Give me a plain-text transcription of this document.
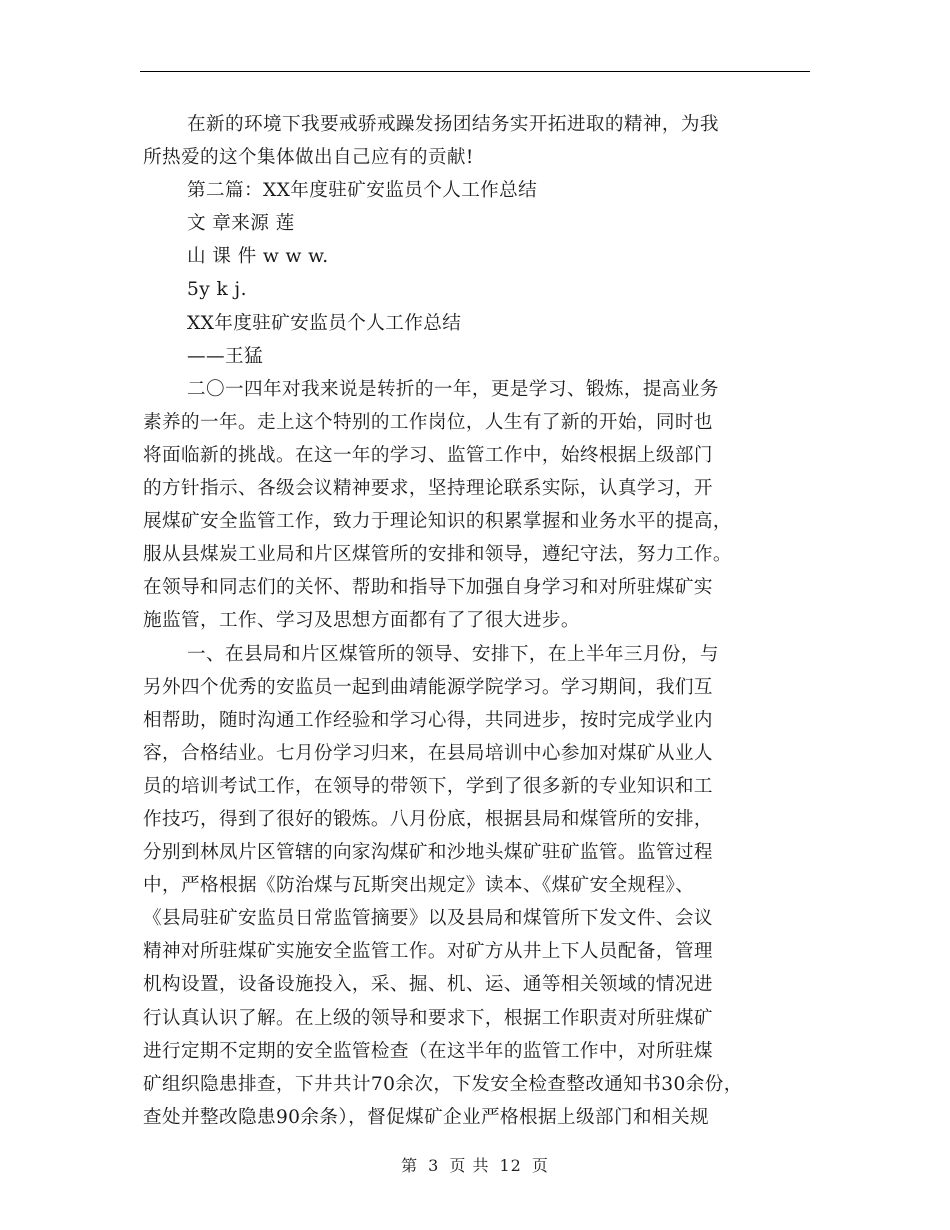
在新的环境下我要戒骄戒躁发扬团结务实开拓进取的精神，为我
所热爱的这个集体做出自己应有的贡献!
第二篇：XX年度驻矿安监员个人工作总结
文 章来源 莲
山 课 件 w w w.
5y k j.
XX年度驻矿安监员个人工作总结
——王猛
二〇一四年对我来说是转折的一年，更是学习、锻炼，提高业务
素养的一年。走上这个特别的工作岗位，人生有了新的开始，同时也
将面临新的挑战。在这一年的学习、监管工作中，始终根据上级部门
的方针指示、各级会议精神要求，坚持理论联系实际，认真学习，开
展煤矿安全监管工作，致力于理论知识的积累掌握和业务水平的提高，
服从县煤炭工业局和片区煤管所的安排和领导，遵纪守法，努力工作。
在领导和同志们的关怀、帮助和指导下加强自身学习和对所驻煤矿实
施监管，工作、学习及思想方面都有了了很大进步。
一、在县局和片区煤管所的领导、安排下，在上半年三月份，与
另外四个优秀的安监员一起到曲靖能源学院学习。学习期间，我们互
相帮助，随时沟通工作经验和学习心得，共同进步，按时完成学业内
容，合格结业。七月份学习归来，在县局培训中心参加对煤矿从业人
员的培训考试工作，在领导的带领下，学到了很多新的专业知识和工
作技巧，得到了很好的锻炼。八月份底，根据县局和煤管所的安排，
分别到林凤片区管辖的向家沟煤矿和沙地头煤矿驻矿监管。监管过程
中，严格根据《防治煤与瓦斯突出规定》读本、《煤矿安全规程》、
《县局驻矿安监员日常监管摘要》以及县局和煤管所下发文件、会议
精神对所驻煤矿实施安全监管工作。对矿方从井上下人员配备，管理
机构设置，设备设施投入，采、掘、机、运、通等相关领域的情况进
行认真认识了解。在上级的领导和要求下，根据工作职责对所驻煤矿
进行定期不定期的安全监管检查（在这半年的监管工作中，对所驻煤
矿组织隐患排查，下井共计70余次，下发安全检查整改通知书30余份，
查处并整改隐患90余条），督促煤矿企业严格根据上级部门和相关规
第 3 页 共 12 页
